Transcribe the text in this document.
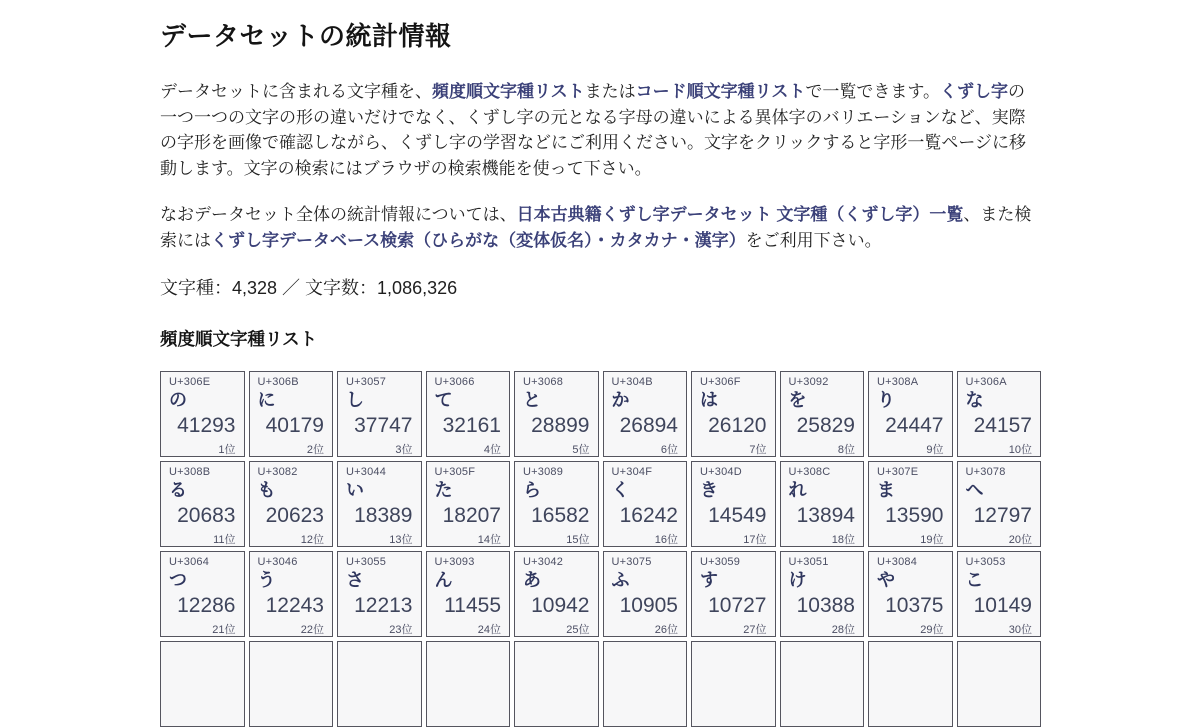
データセットの統計情報

データセットに含まれる文字種を、頻度順文字種リストまたはコード順文字種リストで一覧できます。くずし字の一つ一つの文字の形の違いだけでなく、くずし字の元となる字母の違いによる異体字のバリエーションなど、実際の字形を画像で確認しながら、くずし字の学習などにご利用ください。文字をクリックすると字形一覧ページに移動します。文字の検索にはブラウザの検索機能を使って下さい。

なおデータセット全体の統計情報については、日本古典籍くずし字データセット 文字種（くずし字）一覧、また検索にはくずし字データベース検索（ひらがな（変体仮名）・カタカナ・漢字）をご利用下さい。

文字種：4,328 ／ 文字数：1,086,326

頻度順文字種リスト
U+306E
の
41293
1位
U+306B
に
40179
2位
U+3057
し
37747
3位
U+3066
て
32161
4位
U+3068
と
28899
5位
U+304B
か
26894
6位
U+306F
は
26120
7位
U+3092
を
25829
8位
U+308A
り
24447
9位
U+306A
な
24157
10位
U+308B
る
20683
11位
U+3082
も
20623
12位
U+3044
い
18389
13位
U+305F
た
18207
14位
U+3089
ら
16582
15位
U+304F
く
16242
16位
U+304D
き
14549
17位
U+308C
れ
13894
18位
U+307E
ま
13590
19位
U+3078
へ
12797
20位
U+3064
つ
12286
21位
U+3046
う
12243
22位
U+3055
さ
12213
23位
U+3093
ん
11455
24位
U+3042
あ
10942
25位
U+3075
ふ
10905
26位
U+3059
す
10727
27位
U+3051
け
10388
28位
U+3084
や
10375
29位
U+3053
こ
10149
30位
